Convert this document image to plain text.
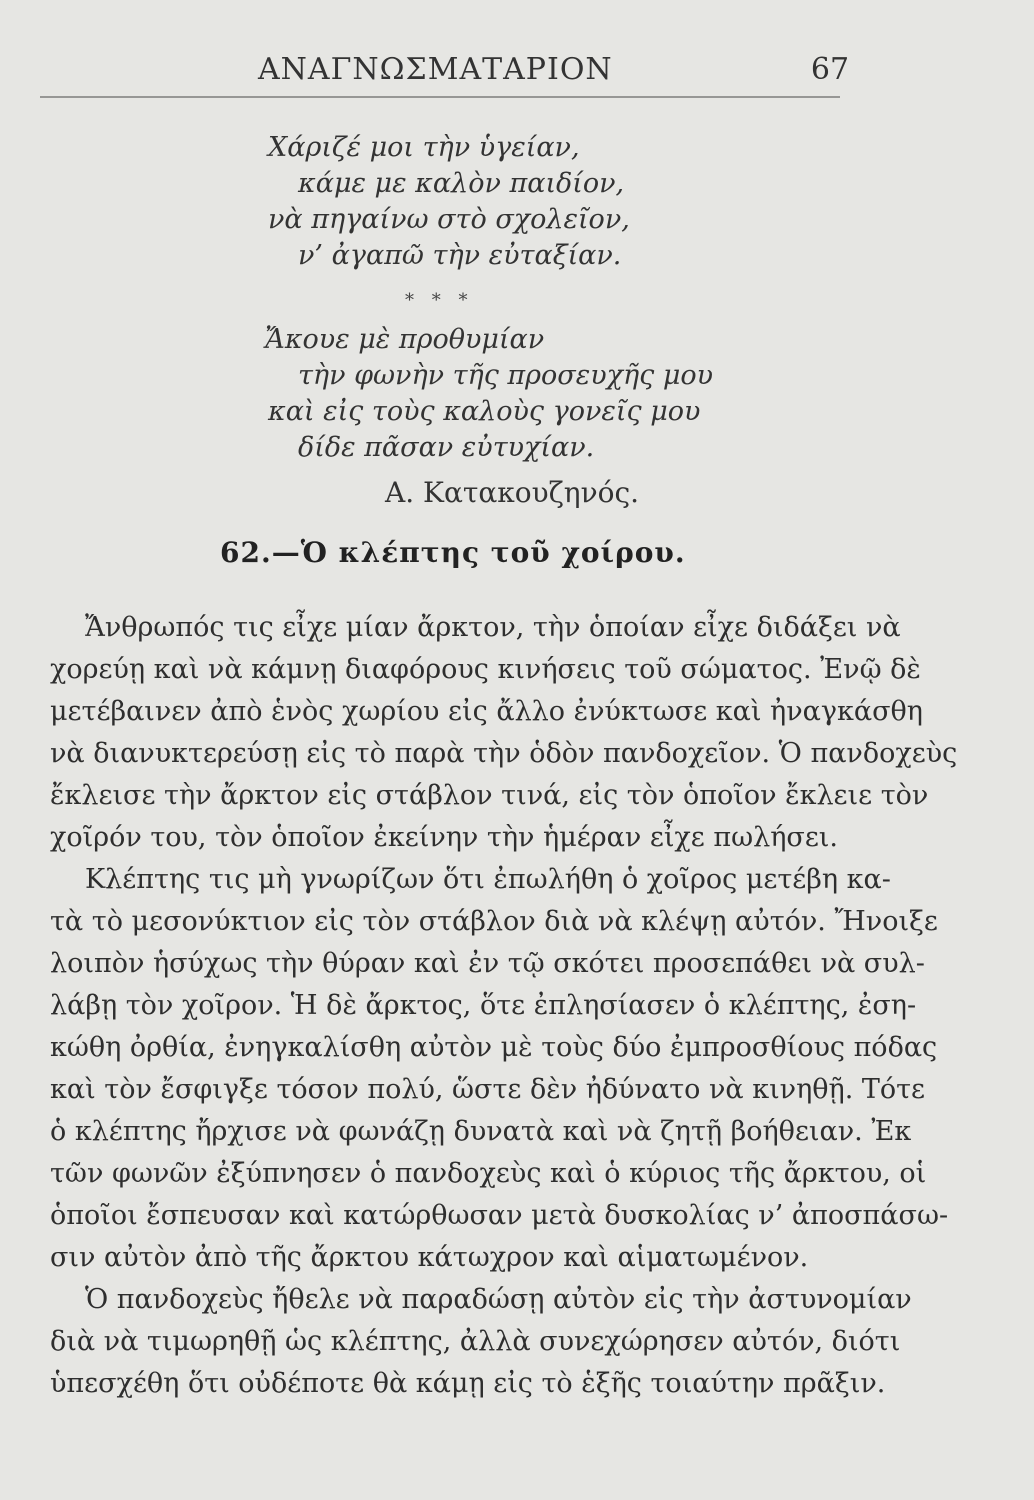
ΑΝΑΓΝΩΣΜΑΤΑΡΙΟΝ	67
Χάριζέ μοι τὴν ὑγείαν,
κάμε με καλὸν παιδίον,
νὰ πηγαίνω στὸ σχολεῖον,
ν’ ἀγαπῶ τὴν εὐταξίαν.
* * *
Ἄκουε μὲ προθυμίαν
τὴν φωνὴν τῆς προσευχῆς μου
καὶ εἰς τοὺς καλοὺς γονεῖς μου
δίδε πᾶσαν εὐτυχίαν.
Α. Κατακουζηνός.
62.—Ὁ κλέπτης τοῦ χοίρου.
Ἄνθρωπός τις εἶχε μίαν ἄρκτον, τὴν ὁποίαν εἶχε διδάξει νὰ
χορεύῃ καὶ νὰ κάμνῃ διαφόρους κινήσεις τοῦ σώματος. Ἐνῷ δὲ
μετέβαινεν ἀπὸ ἑνὸς χωρίου εἰς ἄλλο ἐνύκτωσε καὶ ἠναγκάσθη
νὰ διανυκτερεύσῃ εἰς τὸ παρὰ τὴν ὁδὸν πανδοχεῖον. Ὁ πανδοχεὺς
ἔκλεισε τὴν ἄρκτον εἰς στάβλον τινά, εἰς τὸν ὁποῖον ἔκλειε τὸν
χοῖρόν του, τὸν ὁποῖον ἐκείνην τὴν ἡμέραν εἶχε πωλήσει.
Κλέπτης τις μὴ γνωρίζων ὅτι ἐπωλήθη ὁ χοῖρος μετέβη κα-
τὰ τὸ μεσονύκτιον εἰς τὸν στάβλον διὰ νὰ κλέψῃ αὐτόν. Ἤνοιξε
λοιπὸν ἡσύχως τὴν θύραν καὶ ἐν τῷ σκότει προσεπάθει νὰ συλ-
λάβῃ τὸν χοῖρον. Ἡ δὲ ἄρκτος, ὅτε ἐπλησίασεν ὁ κλέπτης, ἐση-
κώθη ὀρθία, ἐνηγκαλίσθη αὐτὸν μὲ τοὺς δύο ἐμπροσθίους πόδας
καὶ τὸν ἔσφιγξε τόσον πολύ, ὥστε δὲν ἠδύνατο νὰ κινηθῇ. Τότε
ὁ κλέπτης ἤρχισε νὰ φωνάζῃ δυνατὰ καὶ νὰ ζητῇ βοήθειαν. Ἐκ
τῶν φωνῶν ἐξύπνησεν ὁ πανδοχεὺς καὶ ὁ κύριος τῆς ἄρκτου, οἱ
ὁποῖοι ἔσπευσαν καὶ κατώρθωσαν μετὰ δυσκολίας ν’ ἀποσπάσω-
σιν αὐτὸν ἀπὸ τῆς ἄρκτου κάτωχρον καὶ αἱματωμένον.
Ὁ πανδοχεὺς ἤθελε νὰ παραδώσῃ αὐτὸν εἰς τὴν ἀστυνομίαν
διὰ νὰ τιμωρηθῇ ὡς κλέπτης, ἀλλὰ συνεχώρησεν αὐτόν, διότι
ὑπεσχέθη ὅτι οὐδέποτε θὰ κάμῃ εἰς τὸ ἑξῆς τοιαύτην πρᾶξιν.
